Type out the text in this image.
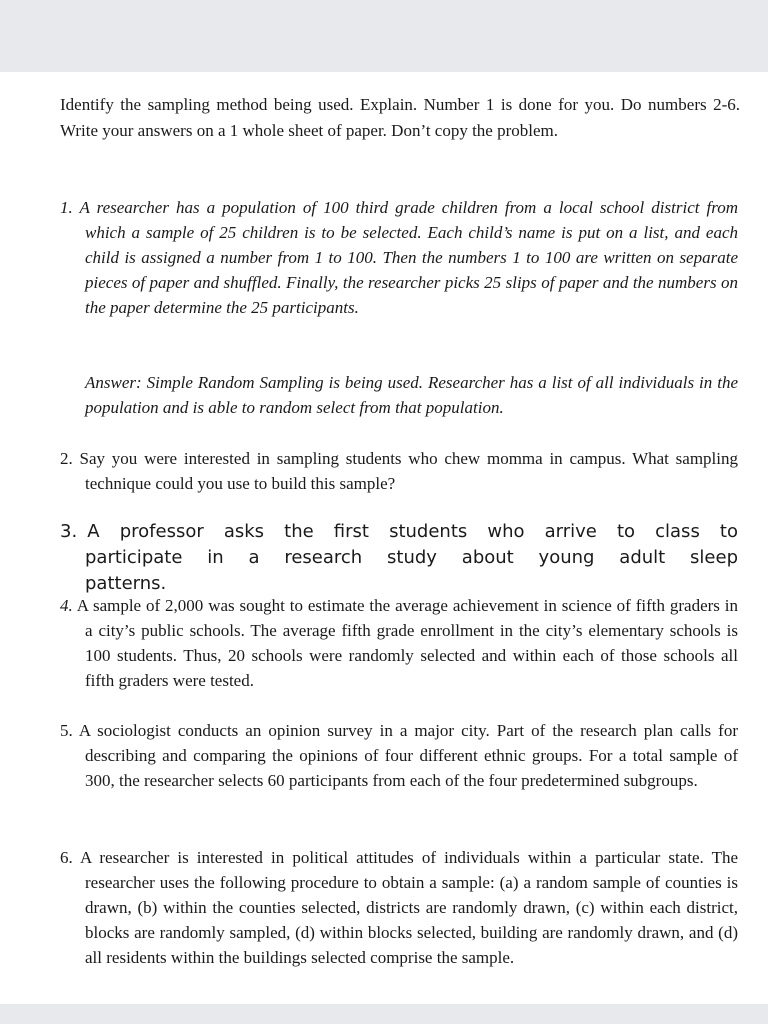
Identify the sampling method being used. Explain. Number 1 is done for you. Do numbers 2-6. Write your answers on a 1 whole sheet of paper. Don’t copy the problem.
1. A researcher has a population of 100 third grade children from a local school district from which a sample of 25 children is to be selected. Each child’s name is put on a list, and each child is assigned a number from 1 to 100. Then the numbers 1 to 100 are written on separate pieces of paper and shuffled. Finally, the researcher picks 25 slips of paper and the numbers on the paper determine the 25 participants.
Answer: Simple Random Sampling is being used. Researcher has a list of all individuals in the population and is able to random select from that population.
2. Say you were interested in sampling students who chew momma in campus. What sampling technique could you use to build this sample?
3. A professor asks the first students who arrive to class to participate in a research study about young adult sleep patterns.
4. A sample of 2,000 was sought to estimate the average achievement in science of fifth graders in a city’s public schools. The average fifth grade enrollment in the city’s elementary schools is 100 students. Thus, 20 schools were randomly selected and within each of those schools all fifth graders were tested.
5. A sociologist conducts an opinion survey in a major city. Part of the research plan calls for describing and comparing the opinions of four different ethnic groups. For a total sample of 300, the researcher selects 60 participants from each of the four predetermined subgroups.
6. A researcher is interested in political attitudes of individuals within a particular state. The researcher uses the following procedure to obtain a sample: (a) a random sample of counties is drawn, (b) within the counties selected, districts are randomly drawn, (c) within each district, blocks are randomly sampled, (d) within blocks selected, building are randomly drawn, and (d) all residents within the buildings selected comprise the sample.
